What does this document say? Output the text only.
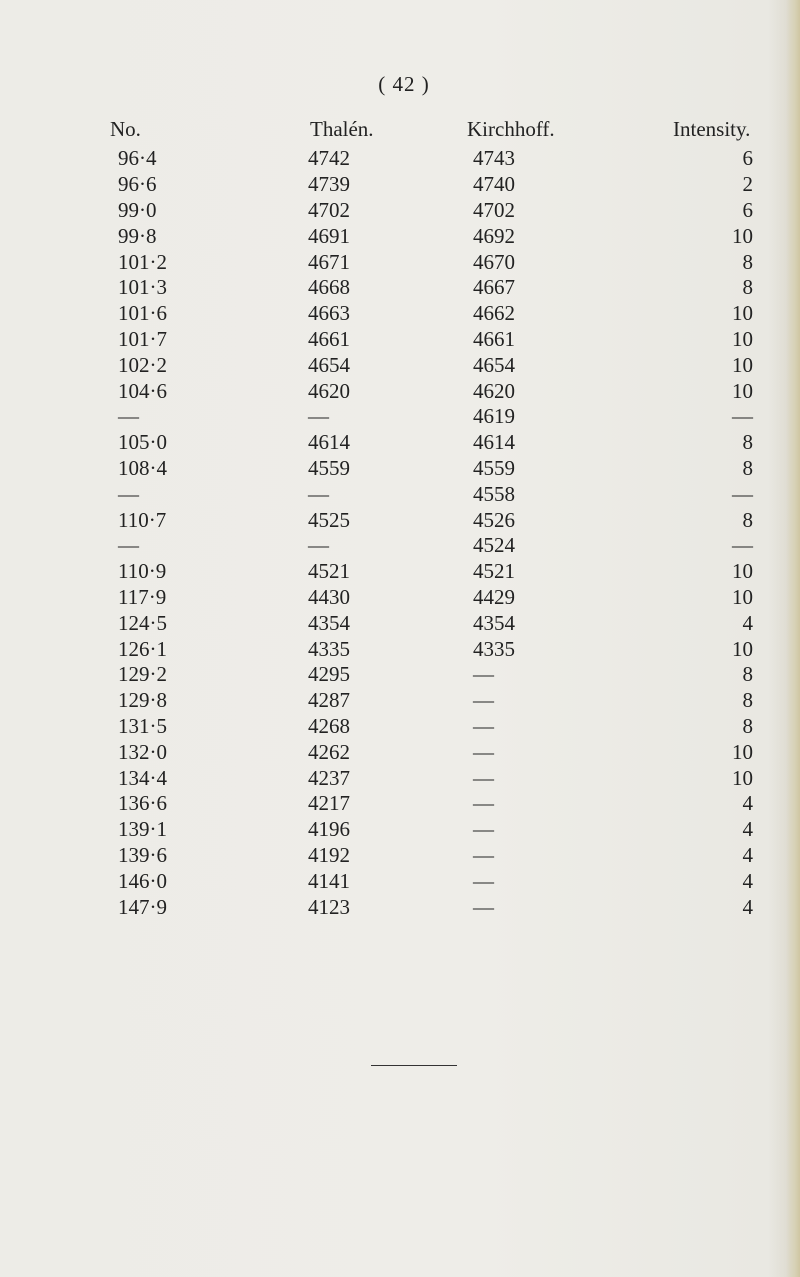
( 42 )
No.	Thalén.	Kirchhoff.	Intensity.
96·4	4742	4743	6
96·6	4739	4740	2
99·0	4702	4702	6
99·8	4691	4692	10
101·2	4671	4670	8
101·3	4668	4667	8
101·6	4663	4662	10
101·7	4661	4661	10
102·2	4654	4654	10
104·6	4620	4620	10
—	—	4619	—
105·0	4614	4614	8
108·4	4559	4559	8
—	—	4558	—
110·7	4525	4526	8
—	—	4524	—
110·9	4521	4521	10
117·9	4430	4429	10
124·5	4354	4354	4
126·1	4335	4335	10
129·2	4295	—	8
129·8	4287	—	8
131·5	4268	—	8
132·0	4262	—	10
134·4	4237	—	10
136·6	4217	—	4
139·1	4196	—	4
139·6	4192	—	4
146·0	4141	—	4
147·9	4123	—	4
